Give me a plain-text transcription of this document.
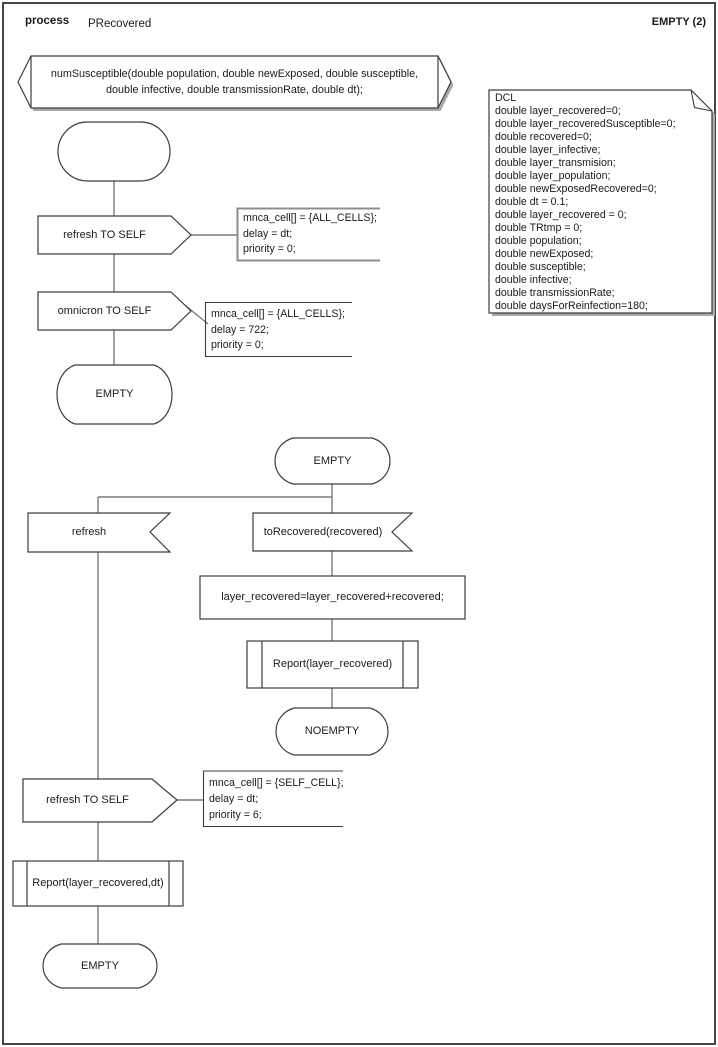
process PRecovered	EMPTY (2)
numSusceptible(double population, double newExposed, double susceptible,
double infective, double transmissionRate, double dt);
DCL
double layer_recovered=0;
double layer_recoveredSusceptible=0;
double recovered=0;
double layer_infective;
double layer_transmision;
double layer_population;
double newExposedRecovered=0;
double dt = 0.1;
double layer_recovered = 0;
double TRtmp = 0;
double population;
double newExposed;
double susceptible;
double infective;
double transmissionRate;
double daysForReinfection=180;
refresh TO SELF
mnca_cell[] = {ALL_CELLS};
delay = dt;
priority = 0;
omnicron TO SELF	mnca_cell[] = {ALL_CELLS};
delay = 722;
priority = 0;
EMPTY
EMPTY
refresh	toRecovered(recovered)
layer_recovered=layer_recovered+recovered;
Report(layer_recovered)
NOEMPTY
refresh TO SELF
mnca_cell[] = {SELF_CELL};
delay = dt;
priority = 6;
Report(layer_recovered,dt)
EMPTY
